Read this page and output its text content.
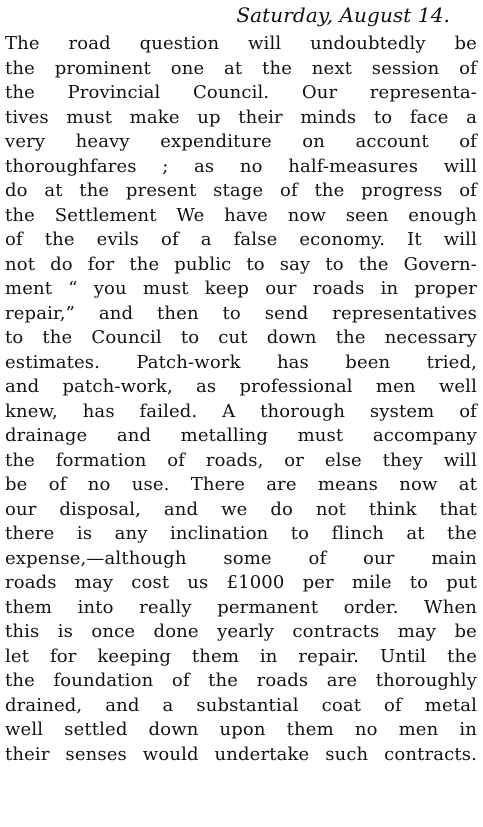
Saturday, August 14.
The road question will undoubtedly be
the prominent one at the next session of
the Provincial Council. Our representa-
tives must make up their minds to face a
very heavy expenditure on account of
thoroughfares ; as no half-measures will
do at the present stage of the progress of
the Settlement We have now seen enough
of the evils of a false economy. It will
not do for the public to say to the Govern-
ment “ you must keep our roads in proper
repair,” and then to send representatives
to the Council to cut down the necessary
estimates. Patch-work has been tried,
and patch-work, as professional men well
knew, has failed. A thorough system of
drainage and metalling must accompany
the formation of roads, or else they will
be of no use. There are means now at
our disposal, and we do not think that
there is any inclination to flinch at the
expense,—although some of our main
roads may cost us £1000 per mile to put
them into really permanent order. When
this is once done yearly contracts may be
let for keeping them in repair. Until the
the foundation of the roads are thoroughly
drained, and a substantial coat of metal
well settled down upon them no men in
their senses would undertake such contracts.
